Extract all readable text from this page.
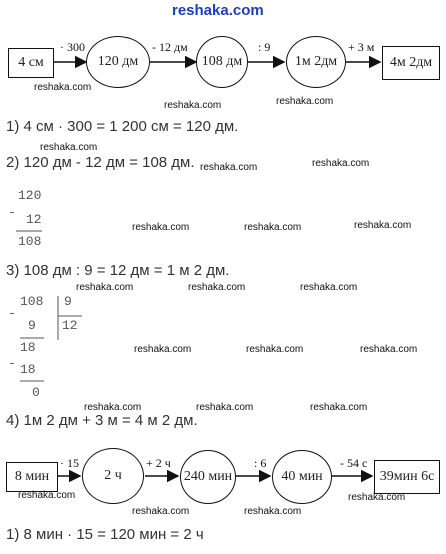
reshaka.com
4 см
· 300
120 дм
- 12 дм
108 дм
: 9
1м 2дм
+ 3 м
4м 2дм
reshaka.com
reshaka.com	reshaka.com
1) 4 см · 300 = 1 200 см = 120 дм.
reshaka.com
2) 120 дм - 12 дм = 108 дм. reshaka.com	reshaka.com
-
120
12
108
reshaka.com	reshaka.com	reshaka.com
3) 108 дм : 9 = 12 дм = 1 м 2 дм.
-
108 9
12
9
18
- 18
0
reshaka.com	reshaka.com	reshaka.com
reshaka.com	reshaka.com	reshaka.com
reshaka.com	reshaka.com	reshaka.com
4) 1м 2 дм + 3 м = 4 м 2 дм.
8 мин
· 15
2 ч
+ 2 ч
240 мин
: 6
40 мин
- 54 с
39мин 6с
reshaka.com
reshaka.com	reshaka.com
reshaka.com
1) 8 мин · 15 = 120 мин = 2 ч
